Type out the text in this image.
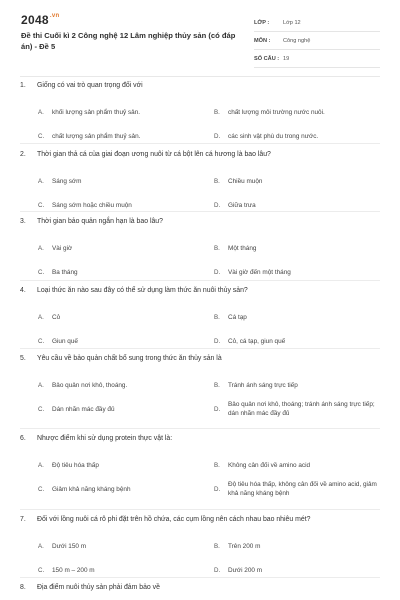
$2048^{.vn}$
Đề thi Cuối kì 2 Công nghệ 12 Lâm nghiệp thủy sản (có đáp án) - Đề 5
LỚP :	Lớp 12
MÔN :	Công nghệ
SỐ CÂU : 19
1.	Giống có vai trò quan trọng đối với
A.	khối lượng sản phẩm thuỷ sản.	B.	chất lượng môi trường nước nuôi.
C.	chất lượng sản phẩm thuỷ sản.	D.	các sinh vật phù du trong nước.
2.	Thời gian thả cá của giai đoạn ương nuôi từ cá bột lên cá hương là bao lâu?
A.	Sáng sớm	B.	Chiều muộn
C.	Sáng sớm hoặc chiều muộn	D.	Giữa trưa
3.	Thời gian bảo quản ngắn hạn là bao lâu?
A.	Vài giờ	B.	Một tháng
C.	Ba tháng	D.	Vài giờ đến một tháng
4.	Loại thức ăn nào sau đây có thể sử dụng làm thức ăn nuôi thủy sản?
A.	Cỏ	B.	Cá tạp
C.	Giun quế	D.	Cỏ, cá tạp, giun quế
5.	Yêu cầu về bảo quản chất bổ sung trong thức ăn thủy sản là
A.	Bảo quản nơi khô, thoáng.	B.	Tránh ánh sáng trực tiếp
C.	Dán nhãn mác đầy đủ	D.
Bảo quản nơi khô, thoáng; tránh ánh sáng trực tiếp; dán nhãn mác đầy đủ
6.	Nhược điểm khi sử dụng protein thực vật là:
A.	Độ tiêu hóa thấp	B.	Không cân đối về amino acid
C.	Giảm khả năng kháng bệnh	D.
Độ tiêu hóa thấp, không cân đối về amino acid, giảm khả năng kháng bệnh
7.	Đối với lồng nuôi cá rô phi đặt trên hồ chứa, các cụm lồng nên cách nhau bao nhiêu mét?
A.	Dưới 150 m	B.	Trên 200 m
C.	150 m – 200 m	D.	Dưới 200 m
8.	Địa điểm nuôi thủy sản phải đảm bảo về
